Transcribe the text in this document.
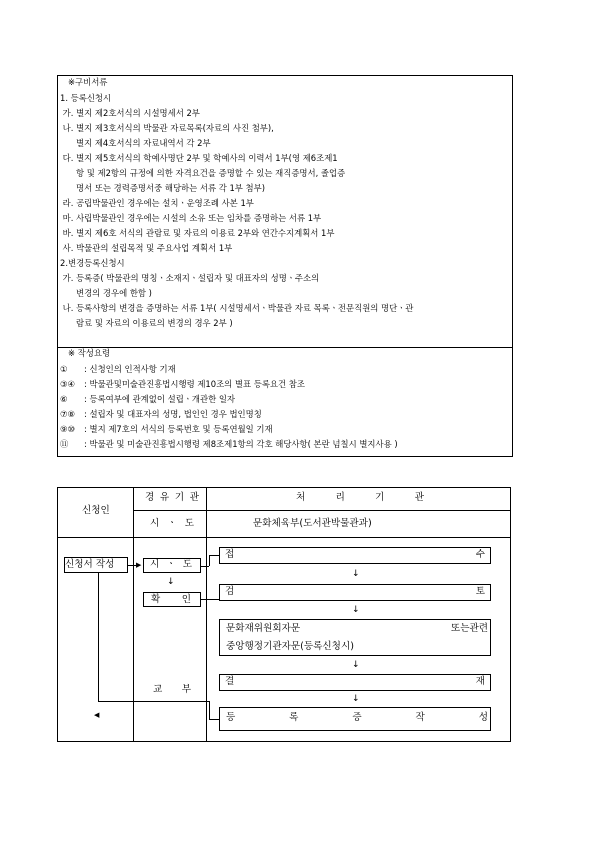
※구비서류
1. 등록신청시
가. 별지 제2호서식의 시설명세서 2부
나. 별지 제3호서식의 박물관 자료목록(자료의 사진 첨부),
별지 제4호서식의 자료내역서 각 2부
다. 별지 제5호서식의 학예사명단 2부 및 학예사의 이력서 1부(영 제6조제1
항 및 제2항의 규정에 의한 자격요건을 증명할 수 있는 재직증명서, 졸업증
명서 또는 경력증명서중 해당하는 서류 각 1부 첨부)
라. 공립박물관인 경우에는 설치ㆍ운영조례 사본 1부
마. 사립박물관인 경우에는 시설의 소유 또는 임차를 증명하는 서류 1부
바. 별지 제6호 서식의 관람료 및 자료의 이용료 2부와 연간수지계획서 1부
사. 박물관의 설립목적 및 주요사업 계획서 1부
2.변경등록신청시
가. 등록증( 박물관의 명칭ㆍ소재지ㆍ설립자 및 대표자의 성명ㆍ주소의
변경의 경우에 한함 )
나. 등록사항의 변경을 증명하는 서류 1부( 시설명세서ㆍ박물관 자료 목록ㆍ전문직원의 명단ㆍ관
람료 및 자료의 이용료의 변경의 경우 2부 )
※ 작성요령
①	: 신청인의 인적사항 기재
③④	: 박물관및미술관진흥법시행령 제10조의 별표 등록요건 참조
⑥	: 등록여부에 관계없이 설립ㆍ개관한 일자
⑦⑧	: 설립자 및 대표자의 성명, 법인인 경우 법인명칭
⑨⑩	: 별지 제7호의 서식의 등록번호 및 등록연월일 기재
⑪	: 박물관 및 미술관진흥법시행령 제8조제1항의 각호 해당사항( 본란 넘칠시 별지사용 )
신청인
경 유 기 관
시 ㆍ 도
처	리	기	관
문화체육부(도서관박물관과)
신청서 작성	▶ 시 ㆍ 도
↓
확 인
교 부
접	수
↓
검	토
↓
문화재위원회자문 또는관련
중앙행정기관자문(등록신청시)
↓
결	재
↓
등	록	증	작	성
◀
